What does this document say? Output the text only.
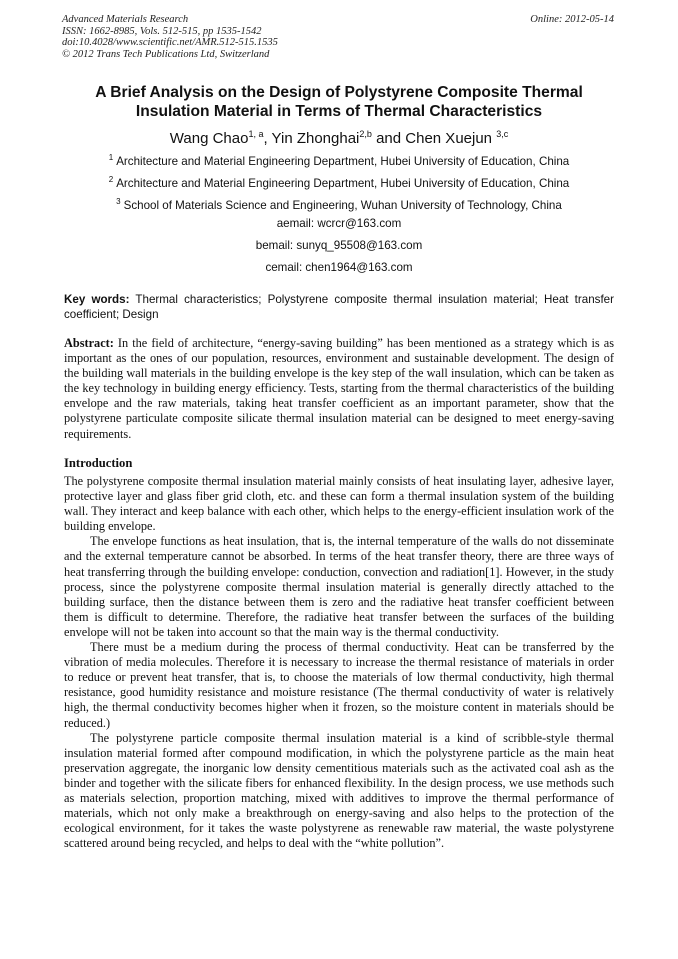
Advanced Materials Research
ISSN: 1662-8985, Vols. 512-515, pp 1535-1542
doi:10.4028/www.scientific.net/AMR.512-515.1535
© 2012 Trans Tech Publications Ltd, Switzerland
Online: 2012-05-14
A Brief Analysis on the Design of Polystyrene Composite Thermal Insulation Material in Terms of Thermal Characteristics
Wang Chao$^{1, a}$, Yin Zhonghai$^{2,b}$ and Chen Xuejun $^{3,c}$
$^1$ Architecture and Material Engineering Department, Hubei University of Education, China
$^2$ Architecture and Material Engineering Department, Hubei University of Education, China
$^3$ School of Materials Science and Engineering, Wuhan University of Technology, China
aemail: wcrcr@163.com
bemail: sunyq_95508@163.com
cemail: chen1964@163.com
Key words: Thermal characteristics; Polystyrene composite thermal insulation material; Heat transfer coefficient; Design

Abstract: In the field of architecture, “energy-saving building” has been mentioned as a strategy which is as important as the ones of our population, resources, environment and sustainable development. The design of the building wall materials in the building envelope is the key step of the wall insulation, which can be taken as the key technology in building energy efficiency. Tests, starting from the thermal characteristics of the building envelope and the raw materials, taking heat transfer coefficient as an important parameter, show that the polystyrene particulate composite silicate thermal insulation material can be designed to meet energy-saving requirements.

Introduction

The polystyrene composite thermal insulation material mainly consists of heat insulating layer, adhesive layer, protective layer and glass fiber grid cloth, etc. and these can form a thermal insulation system of the building wall. They interact and keep balance with each other, which helps to the energy-efficient insulation work of the building envelope.

The envelope functions as heat insulation, that is, the internal temperature of the walls do not disseminate and the external temperature cannot be absorbed. In terms of the heat transfer theory, there are three ways of heat transferring through the building envelope: conduction, convection and radiation[1]. However, in the study process, since the polystyrene composite thermal insulation material is generally directly attached to the building surface, then the distance between them is zero and the radiative heat transfer coefficient between them is difficult to determine. Therefore, the radiative heat transfer between the surfaces of the building envelope will not be taken into account so that the main way is the thermal conductivity.

There must be a medium during the process of thermal conductivity. Heat can be transferred by the vibration of media molecules. Therefore it is necessary to increase the thermal resistance of materials in order to reduce or prevent heat transfer, that is, to choose the materials of low thermal conductivity, high thermal resistance, good humidity resistance and moisture resistance (The thermal conductivity of water is relatively high, the thermal conductivity becomes higher when it frozen, so the moisture content in materials should be reduced.)

The polystyrene particle composite thermal insulation material is a kind of scribble-style thermal insulation material formed after compound modification, in which the polystyrene particle as the main heat preservation aggregate, the inorganic low density cementitious materials such as the activated coal ash as the binder and together with the silicate fibers for enhanced flexibility. In the design process, we use methods such as materials selection, proportion matching, mixed with additives to improve the thermal performance of materials, which not only make a breakthrough on energy-saving and also helps to the protection of the ecological environment, for it takes the waste polystyrene as renewable raw material, the waste polystyrene scattered around being recycled, and helps to deal with the “white pollution”.
